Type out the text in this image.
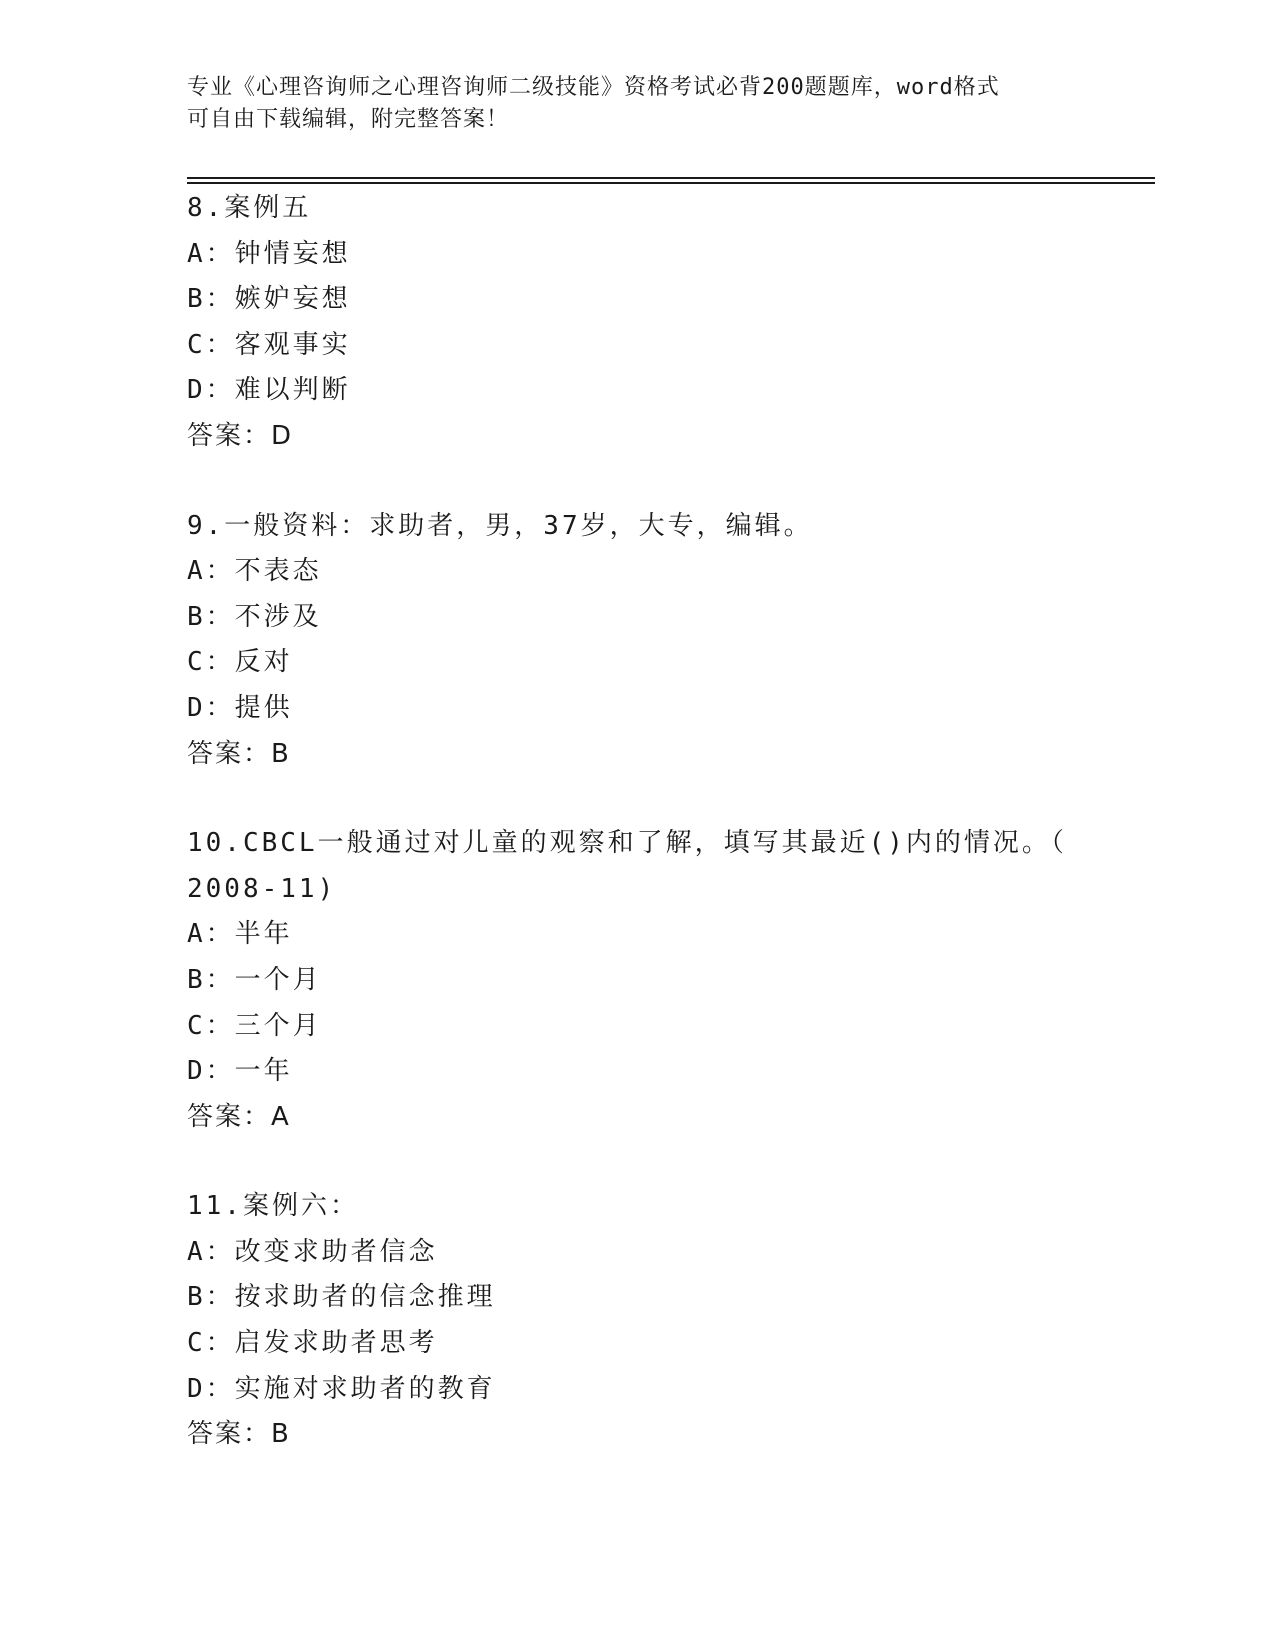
专业《心理咨询师之心理咨询师二级技能》资格考试必背200题题库，word格式
可自由下载编辑，附完整答案！
8.案例五
A：钟情妄想
B：嫉妒妄想
C：客观事实
D：难以判断
答案：D
9.一般资料：求助者，男，37岁，大专，编辑。
A：不表态
B：不涉及
C：反对
D：提供
答案：B
10.CBCL一般通过对儿童的观察和了解，填写其最近()内的情况。（
2008-11)
A：半年
B：一个月
C：三个月
D：一年
答案：A
11.案例六：
A：改变求助者信念
B：按求助者的信念推理
C：启发求助者思考
D：实施对求助者的教育
答案：B
